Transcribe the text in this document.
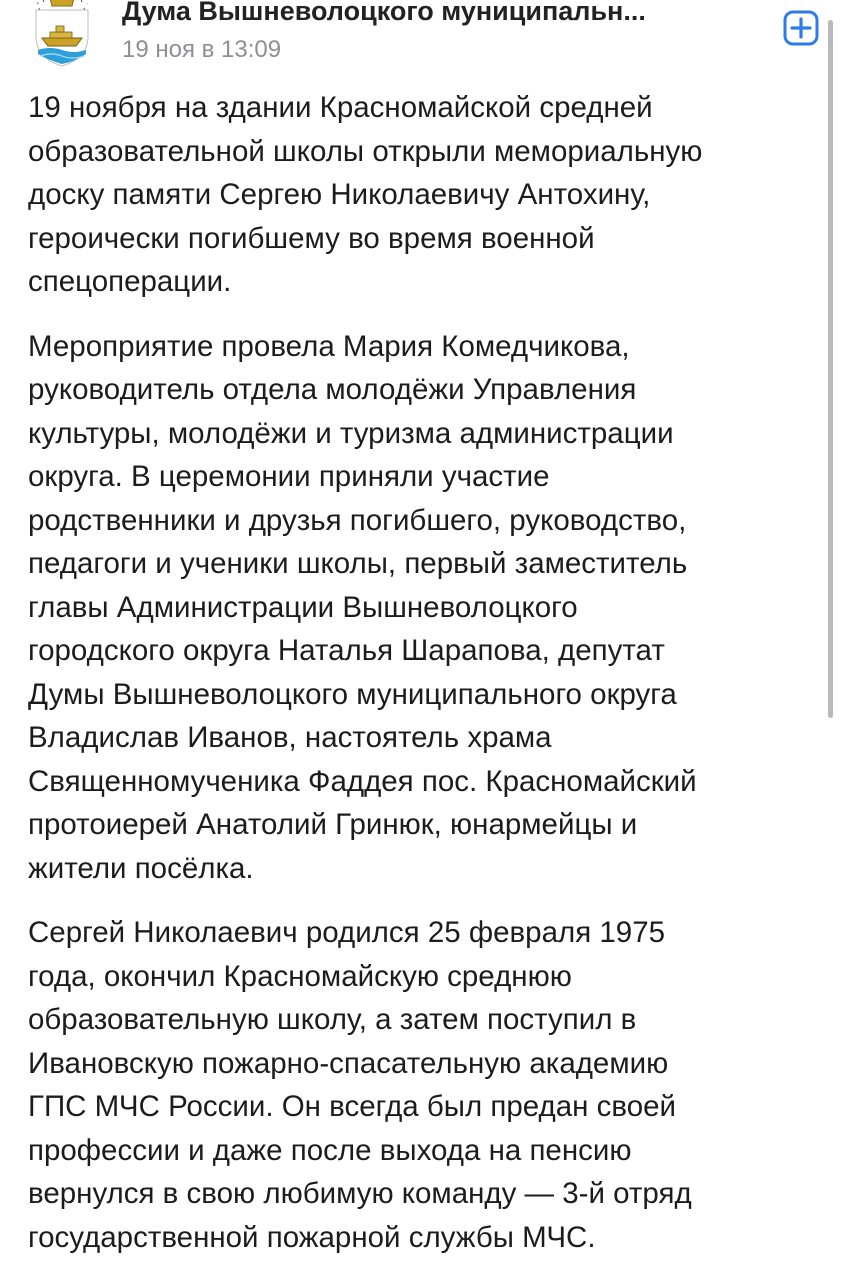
Дума Вышневолоцкого муниципальн...
19 ноя в 13:09

19 ноября на здании Красномайской средней
образовательной школы открыли мемориальную
доску памяти Сергею Николаевичу Антохину,
героически погибшему во время военной
спецоперации.

Мероприятие провела Мария Комедчикова,
руководитель отдела молодёжи Управления
культуры, молодёжи и туризма администрации
округа. В церемонии приняли участие
родственники и друзья погибшего, руководство,
педагоги и ученики школы, первый заместитель
главы Администрации Вышневолоцкого
городского округа Наталья Шарапова, депутат
Думы Вышневолоцкого муниципального округа
Владислав Иванов, настоятель храма
Священномученика Фаддея пос. Красномайский
протоиерей Анатолий Гринюк, юнармейцы и
жители посёлка.

Сергей Николаевич родился 25 февраля 1975
года, окончил Красномайскую среднюю
образовательную школу, а затем поступил в
Ивановскую пожарно-спасательную академию
ГПС МЧС России. Он всегда был предан своей
профессии и даже после выхода на пенсию
вернулся в свою любимую команду — 3-й отряд
государственной пожарной службы МЧС.
